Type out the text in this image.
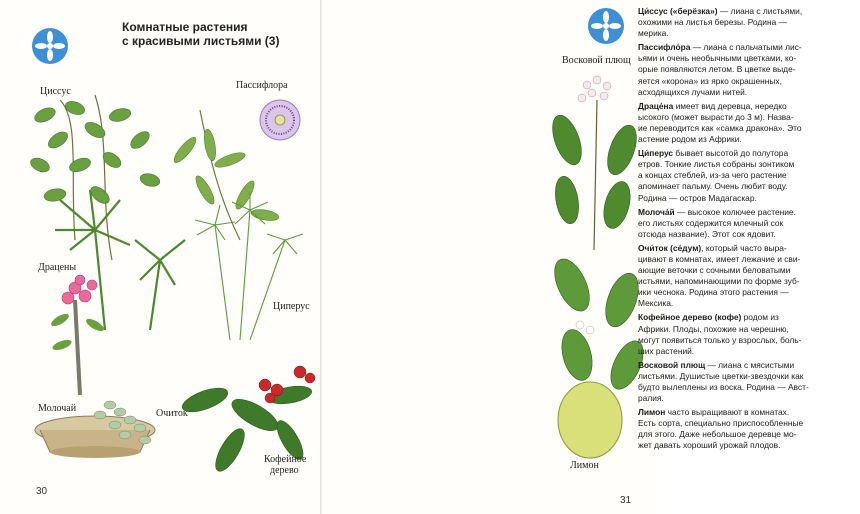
Комнатные растения
с красивыми листьями (3)
Циссус
Пассифлора
Драцены
Циперус
Молочай	Очиток
Кофейное
дерево
30

Ци́ссус («берёзка») — лиана с листьями,
охожими на листья березы. Родина —
мерика.

Пассифло́ра — лиана с пальчатыми лис-
ьями и очень необычными цветками, ко-
орые появляются летом. В цветке выде-
яется «корона» из ярко окрашенных,
асходящихся лучами нитей.

Драце́на имеет вид деревца, нередко
ысокого (может вырасти до 3 м). Назва-
ие переводится как «самка дракона». Это
астение родом из Африки.

Ци́перус бывает высотой до полутора
етров. Тонкие листья собраны зонтиком
а концах стеблей, из-за чего растение
апоминает пальму. Очень любит воду.
Родина — остров Мадагаскар.

Молоча́й — высокое колючее растение.
его листьях содержится млечный сок
отсюда название). Этот сок ядовит.

Очи́ток (се́дум), который часто выра-
цивают в комнатах, имеет лежачие и сви-
ающие веточки с сочными беловатыми
истьями, напоминающими по форме зуб-
ики чеснока. Родина этого растения —
Мексика.

Кофейное дерево (кофе) родом из
Африки. Плоды, похожие на черешню,
могут появиться только у взрослых, боль-
ших растений.

Восковой плющ — лиана с мясистыми
листьями. Душистые цветки-звездочки как
будто вылеплены из воска. Родина — Авст-
ралия.

Лимон часто выращивают в комнатах.
Есть сорта, специально приспособленные
для этого. Даже небольшое деревце мо-
жет давать хороший урожай плодов.

Восковой плющ
Лимон
31
